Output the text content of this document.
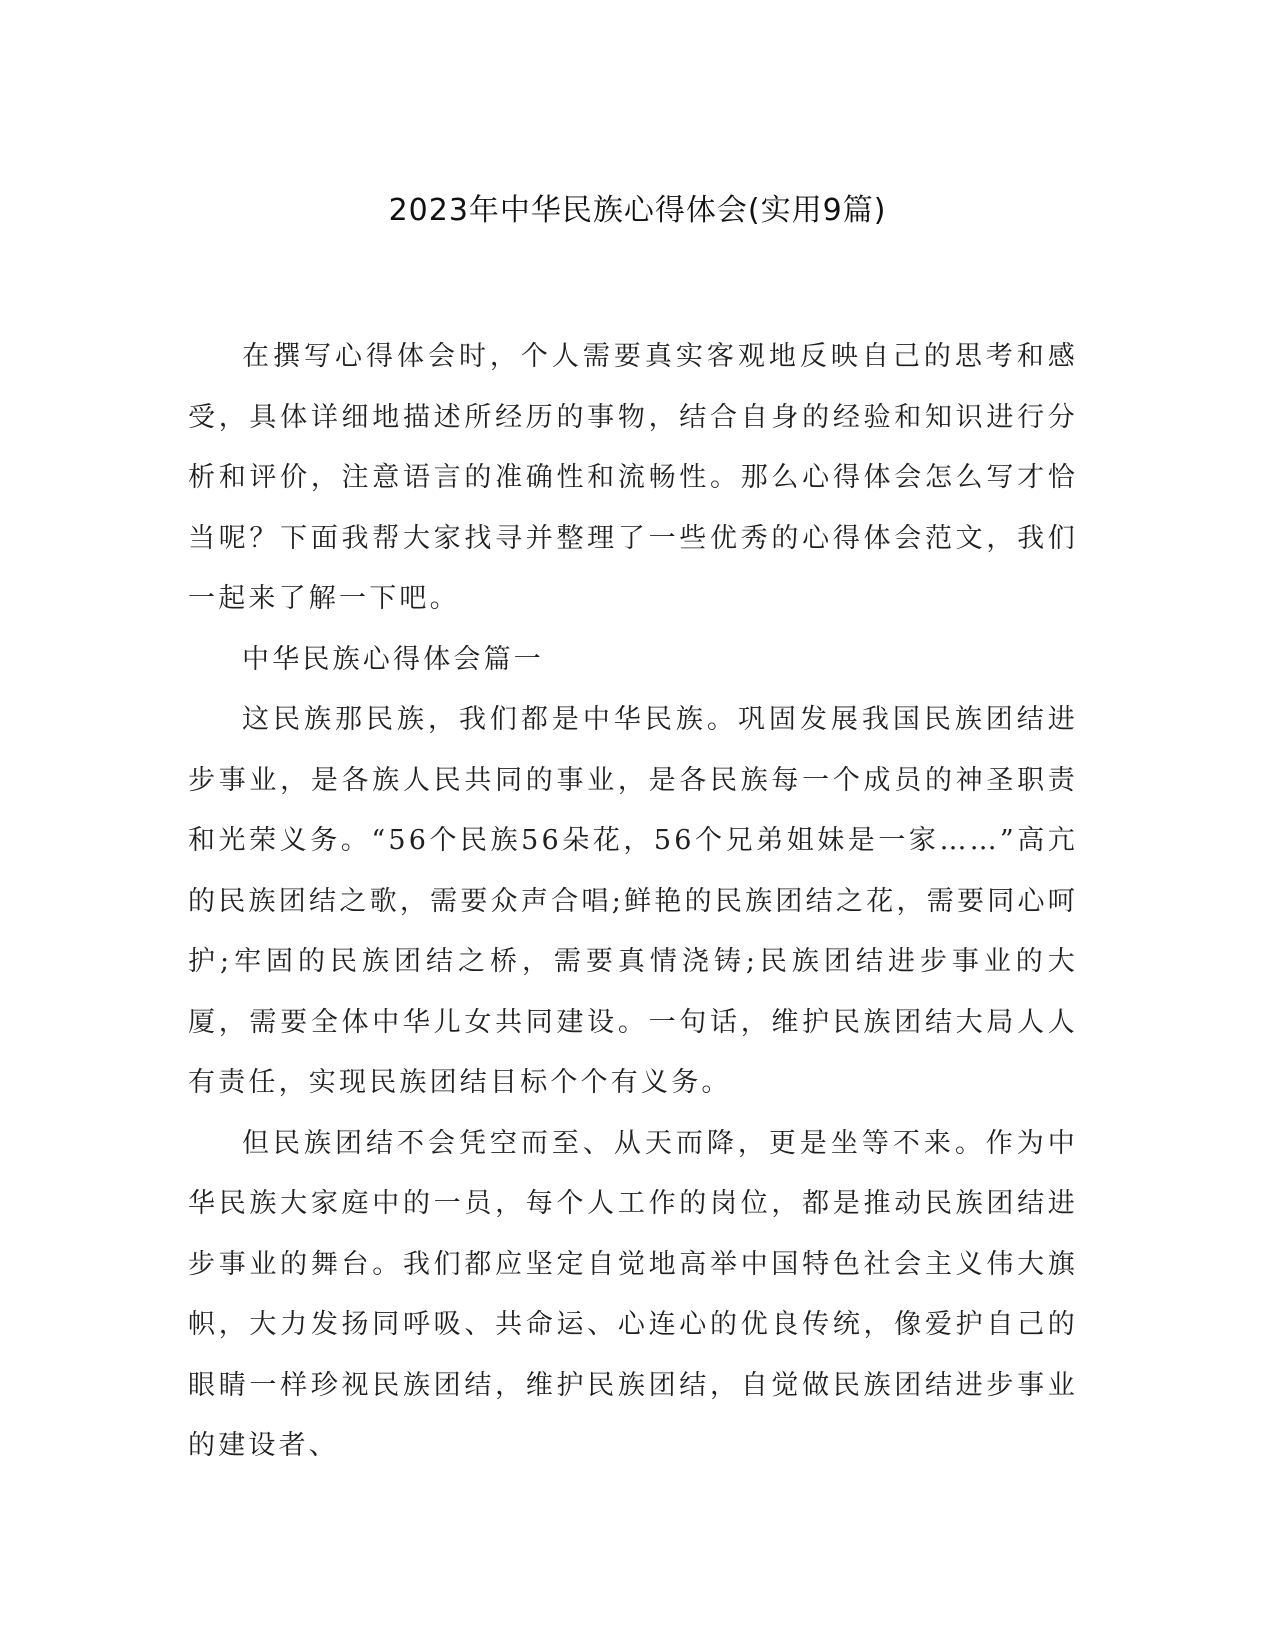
2023年中华民族心得体会(实用9篇)

在撰写心得体会时，个人需要真实客观地反映自己的思考和感受，具体详细地描述所经历的事物，结合自身的经验和知识进行分析和评价，注意语言的准确性和流畅性。那么心得体会怎么写才恰当呢？下面我帮大家找寻并整理了一些优秀的心得体会范文，我们一起来了解一下吧。

中华民族心得体会篇一

这民族那民族，我们都是中华民族。巩固发展我国民族团结进步事业，是各族人民共同的事业，是各民族每一个成员的神圣职责和光荣义务。“56个民族56朵花，56个兄弟姐妹是一家……”高亢的民族团结之歌，需要众声合唱;鲜艳的民族团结之花，需要同心呵护;牢固的民族团结之桥，需要真情浇铸;民族团结进步事业的大厦，需要全体中华儿女共同建设。一句话，维护民族团结大局人人有责任，实现民族团结目标个个有义务。

但民族团结不会凭空而至、从天而降，更是坐等不来。作为中华民族大家庭中的一员，每个人工作的岗位，都是推动民族团结进步事业的舞台。我们都应坚定自觉地高举中国特色社会主义伟大旗帜，大力发扬同呼吸、共命运、心连心的优良传统，像爱护自己的眼睛一样珍视民族团结，维护民族团结，自觉做民族团结进步事业的建设者、
